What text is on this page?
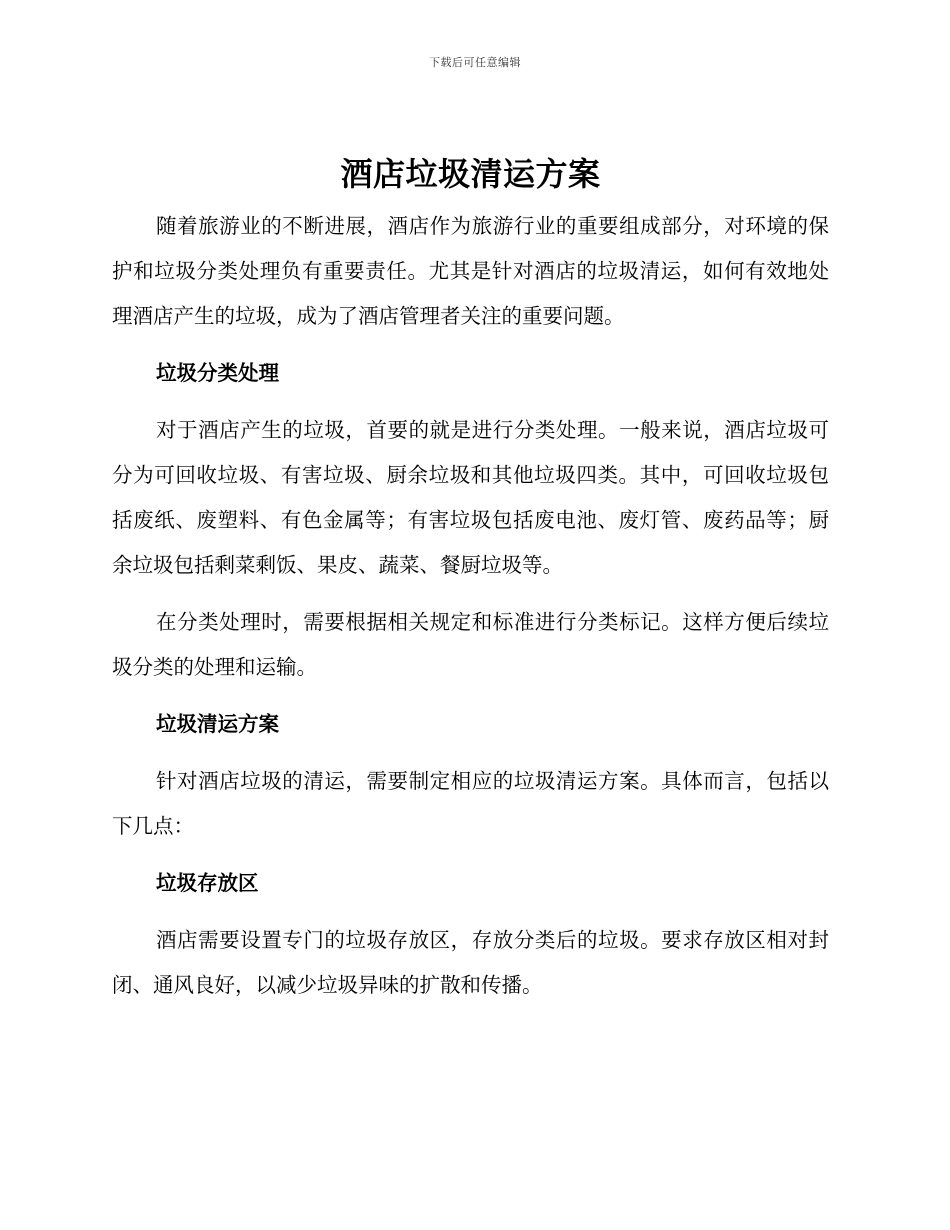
下载后可任意编辑
酒店垃圾清运方案

随着旅游业的不断进展，酒店作为旅游行业的重要组成部分，对环境的保护和垃圾分类处理负有重要责任。尤其是针对酒店的垃圾清运，如何有效地处理酒店产生的垃圾，成为了酒店管理者关注的重要问题。

垃圾分类处理

对于酒店产生的垃圾，首要的就是进行分类处理。一般来说，酒店垃圾可分为可回收垃圾、有害垃圾、厨余垃圾和其他垃圾四类。其中，可回收垃圾包括废纸、废塑料、有色金属等；有害垃圾包括废电池、废灯管、废药品等；厨余垃圾包括剩菜剩饭、果皮、蔬菜、餐厨垃圾等。

在分类处理时，需要根据相关规定和标准进行分类标记。这样方便后续垃圾分类的处理和运输。

垃圾清运方案

针对酒店垃圾的清运，需要制定相应的垃圾清运方案。具体而言，包括以下几点：

垃圾存放区

酒店需要设置专门的垃圾存放区，存放分类后的垃圾。要求存放区相对封闭、通风良好，以减少垃圾异味的扩散和传播。
